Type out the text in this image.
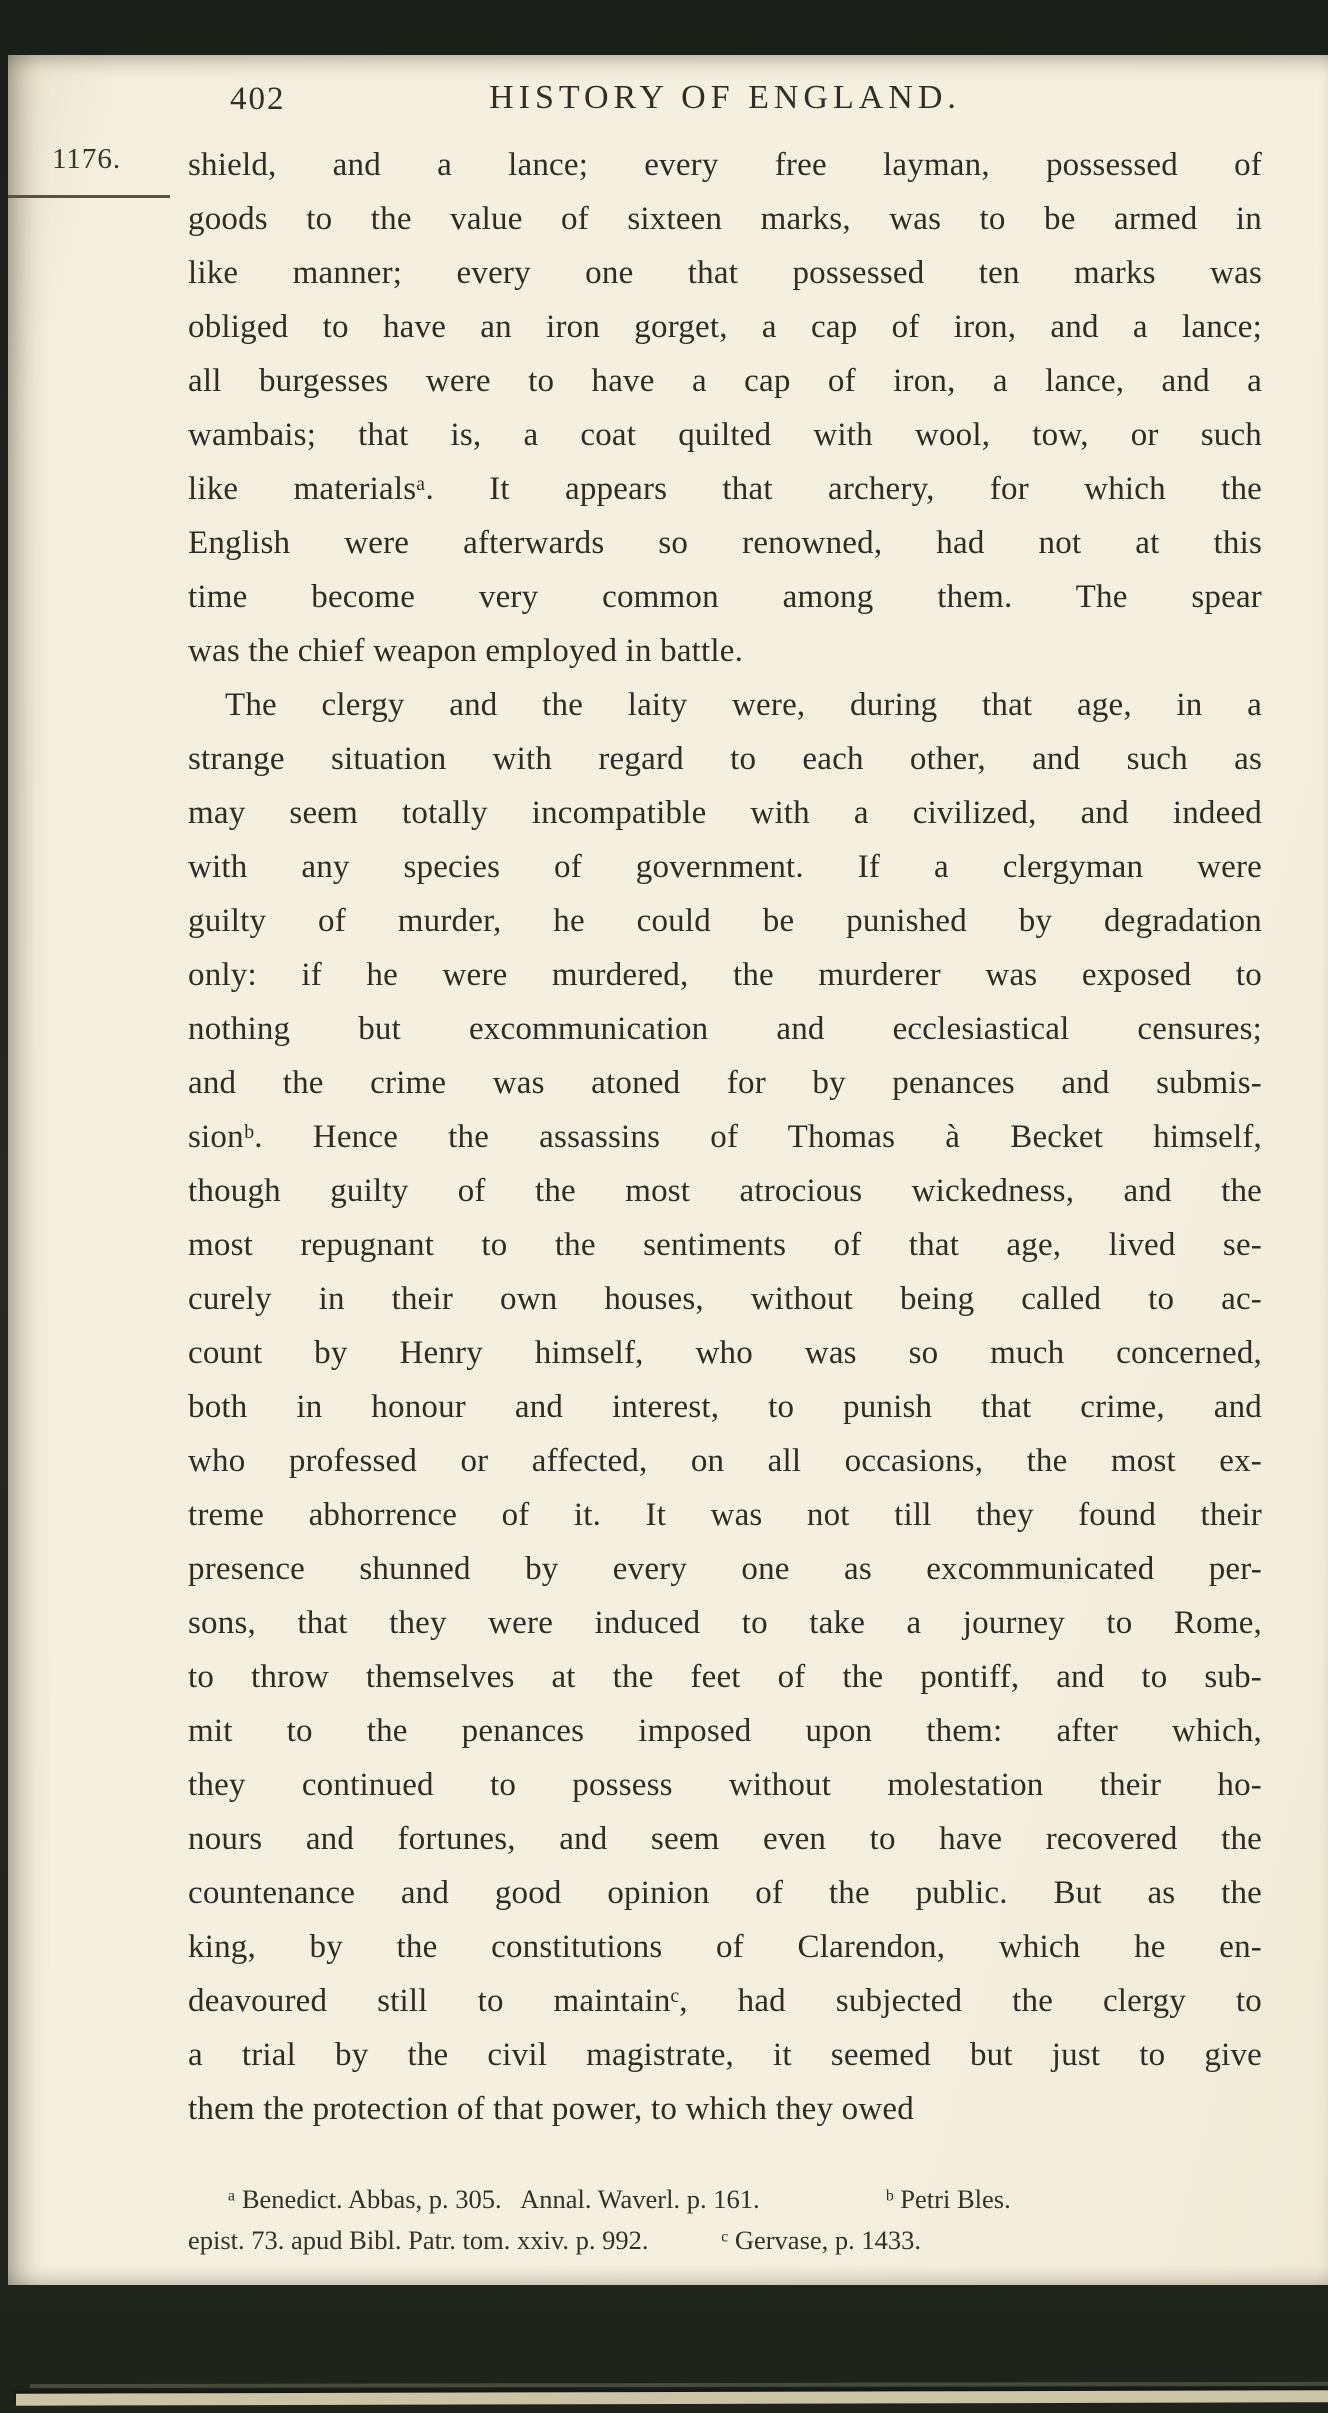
402	HISTORY OF ENGLAND.
1176. shield, and a lance; every free layman, possessed of
goods to the value of sixteen marks, was to be armed in
like manner; every one that possessed ten marks was
obliged to have an iron gorget, a cap of iron, and a lance;
all burgesses were to have a cap of iron, a lance, and a
wambais; that is, a coat quilted with wool, tow, or such
like materialsᵃ. It appears that archery, for which the
English were afterwards so renowned, had not at this
time become very common among them. The spear
was the chief weapon employed in battle.
The clergy and the laity were, during that age, in a
strange situation with regard to each other, and such as
may seem totally incompatible with a civilized, and indeed
with any species of government. If a clergyman were
guilty of murder, he could be punished by degradation
only: if he were murdered, the murderer was exposed to
nothing but excommunication and ecclesiastical censures;
and the crime was atoned for by penances and submis-
sionᵇ. Hence the assassins of Thomas à Becket himself,
though guilty of the most atrocious wickedness, and the
most repugnant to the sentiments of that age, lived se-
curely in their own houses, without being called to ac-
count by Henry himself, who was so much concerned,
both in honour and interest, to punish that crime, and
who professed or affected, on all occasions, the most ex-
treme abhorrence of it. It was not till they found their
presence shunned by every one as excommunicated per-
sons, that they were induced to take a journey to Rome,
to throw themselves at the feet of the pontiff, and to sub-
mit to the penances imposed upon them: after which,
they continued to possess without molestation their ho-
nours and fortunes, and seem even to have recovered the
countenance and good opinion of the public. But as the
king, by the constitutions of Clarendon, which he en-
deavoured still to maintainᶜ, had subjected the clergy to
a trial by the civil magistrate, it seemed but just to give
them the protection of that power, to which they owed
ᵃ Benedict. Abbas, p. 305.  Annal. Waverl. p. 161.      ᵇ Petri Bles.
epist. 73. apud Bibl. Patr. tom. xxiv. p. 992.    ᶜ Gervase, p. 1433.
